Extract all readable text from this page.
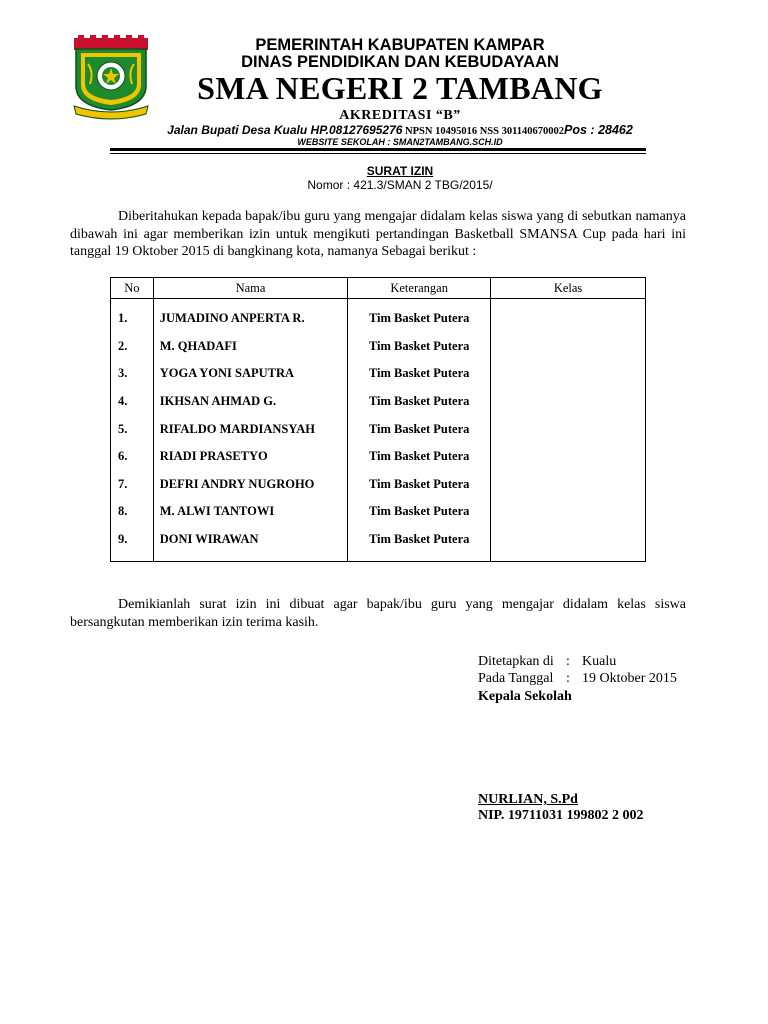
PEMERINTAH KABUPATEN KAMPAR
DINAS PENDIDIKAN DAN KEBUDAYAAN
SMA NEGERI 2 TAMBANG
AKREDITASI “B”
Jalan Bupati Desa Kualu HP.08127695276 NPSN 10495016 NSS 301140670002Pos : 28462
WEBSITE SEKOLAH : SMAN2TAMBANG.SCH.ID
SURAT IZIN
Nomor : 421.3/SMAN 2 TBG/2015/
Diberitahukan kepada bapak/ibu guru yang mengajar didalam kelas siswa yang di sebutkan namanya dibawah ini agar memberikan izin untuk mengikuti pertandingan Basketball SMANSA Cup pada hari ini tanggal 19 Oktober 2015 di bangkinang kota, namanya Sebagai berikut :
No	Nama	Keterangan	Kelas
1.	JUMADINO ANPERTA R.	Tim Basket Putera	
2.	M. QHADAFI	Tim Basket Putera	
3.	YOGA YONI SAPUTRA	Tim Basket Putera	
4.	IKHSAN AHMAD G.	Tim Basket Putera	
5.	RIFALDO MARDIANSYAH	Tim Basket Putera	
6.	RIADI PRASETYO	Tim Basket Putera	
7.	DEFRI ANDRY NUGROHO	Tim Basket Putera	
8.	M. ALWI TANTOWI	Tim Basket Putera	
9.	DONI WIRAWAN	Tim Basket Putera	
Demikianlah surat izin ini dibuat agar bapak/ibu guru yang mengajar didalam kelas siswa bersangkutan memberikan izin terima kasih.
Ditetapkan di : Kualu
Pada Tanggal : 19 Oktober 2015
Kepala Sekolah
NURLIAN, S.Pd
NIP. 19711031 199802 2 002
